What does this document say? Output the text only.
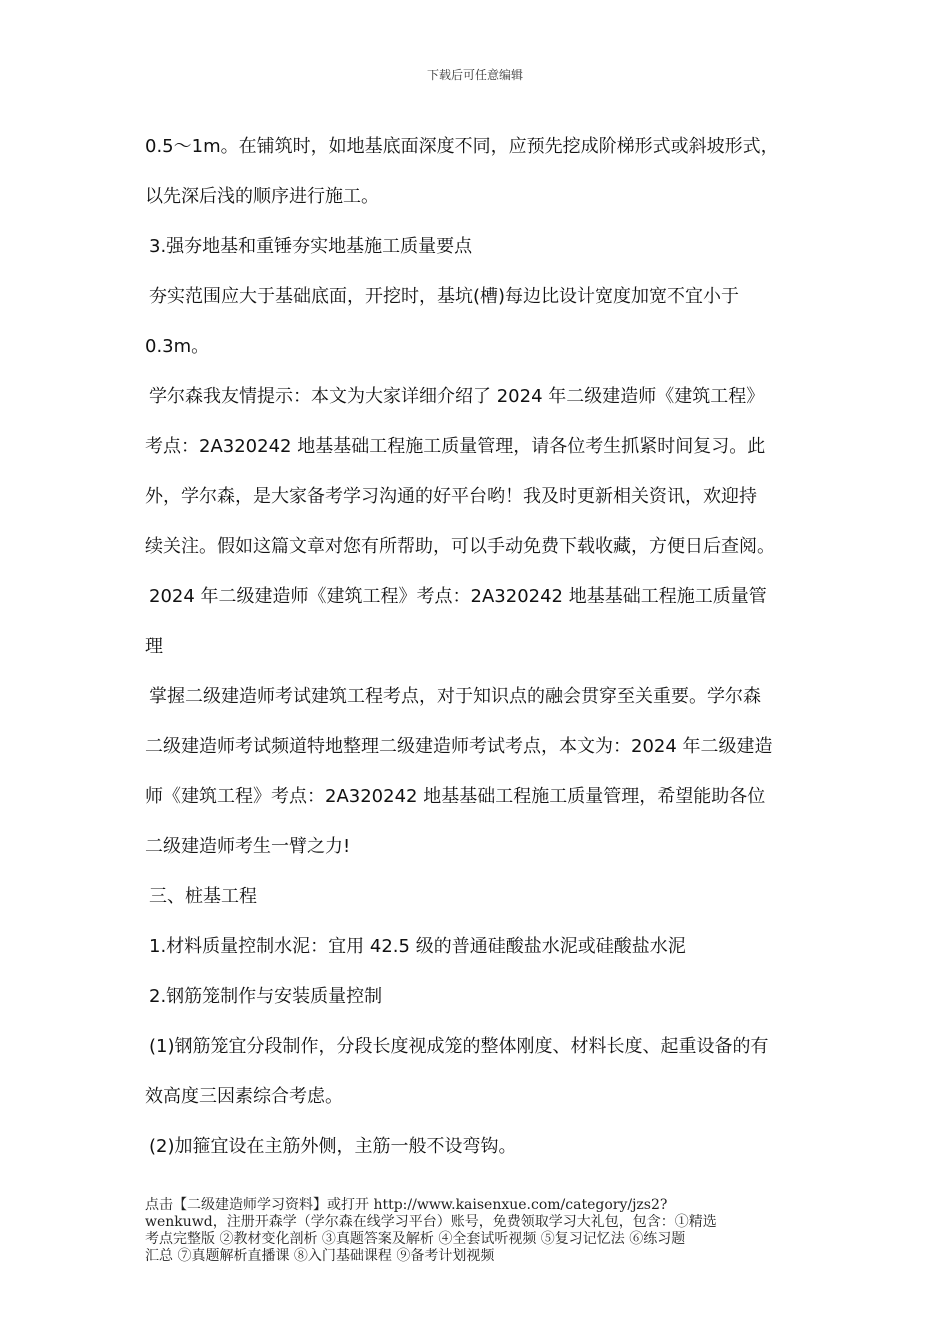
下载后可任意编辑
0.5～1m。在铺筑时，如地基底面深度不同，应预先挖成阶梯形式或斜坡形式，
以先深后浅的顺序进行施工。
3.强夯地基和重锤夯实地基施工质量要点
夯实范围应大于基础底面，开挖时，基坑(槽)每边比设计宽度加宽不宜小于
0.3m。
学尔森我友情提示：本文为大家详细介绍了 2024 年二级建造师《建筑工程》
考点：2A320242 地基基础工程施工质量管理，请各位考生抓紧时间复习。此
外，学尔森，是大家备考学习沟通的好平台哟！我及时更新相关资讯，欢迎持
续关注。假如这篇文章对您有所帮助，可以手动免费下载收藏，方便日后查阅。
2024 年二级建造师《建筑工程》考点：2A320242 地基基础工程施工质量管
理
掌握二级建造师考试建筑工程考点，对于知识点的融会贯穿至关重要。学尔森
二级建造师考试频道特地整理二级建造师考试考点，本文为：2024 年二级建造
师《建筑工程》考点：2A320242 地基基础工程施工质量管理，希望能助各位
二级建造师考生一臂之力!
三、桩基工程
1.材料质量控制水泥：宜用 42.5 级的普通硅酸盐水泥或硅酸盐水泥
2.钢筋笼制作与安装质量控制
(1)钢筋笼宜分段制作，分段长度视成笼的整体刚度、材料长度、起重设备的有
效高度三因素综合考虑。
(2)加箍宜设在主筋外侧，主筋一般不设弯钩。
点击【二级建造师学习资料】或打开 http://www.kaisenxue.com/category/jzs2?
wenkuwd，注册开森学（学尔森在线学习平台）账号，免费领取学习大礼包，包含：①精选
考点完整版 ②教材变化剖析 ③真题答案及解析 ④全套试听视频 ⑤复习记忆法 ⑥练习题
汇总 ⑦真题解析直播课 ⑧入门基础课程 ⑨备考计划视频
